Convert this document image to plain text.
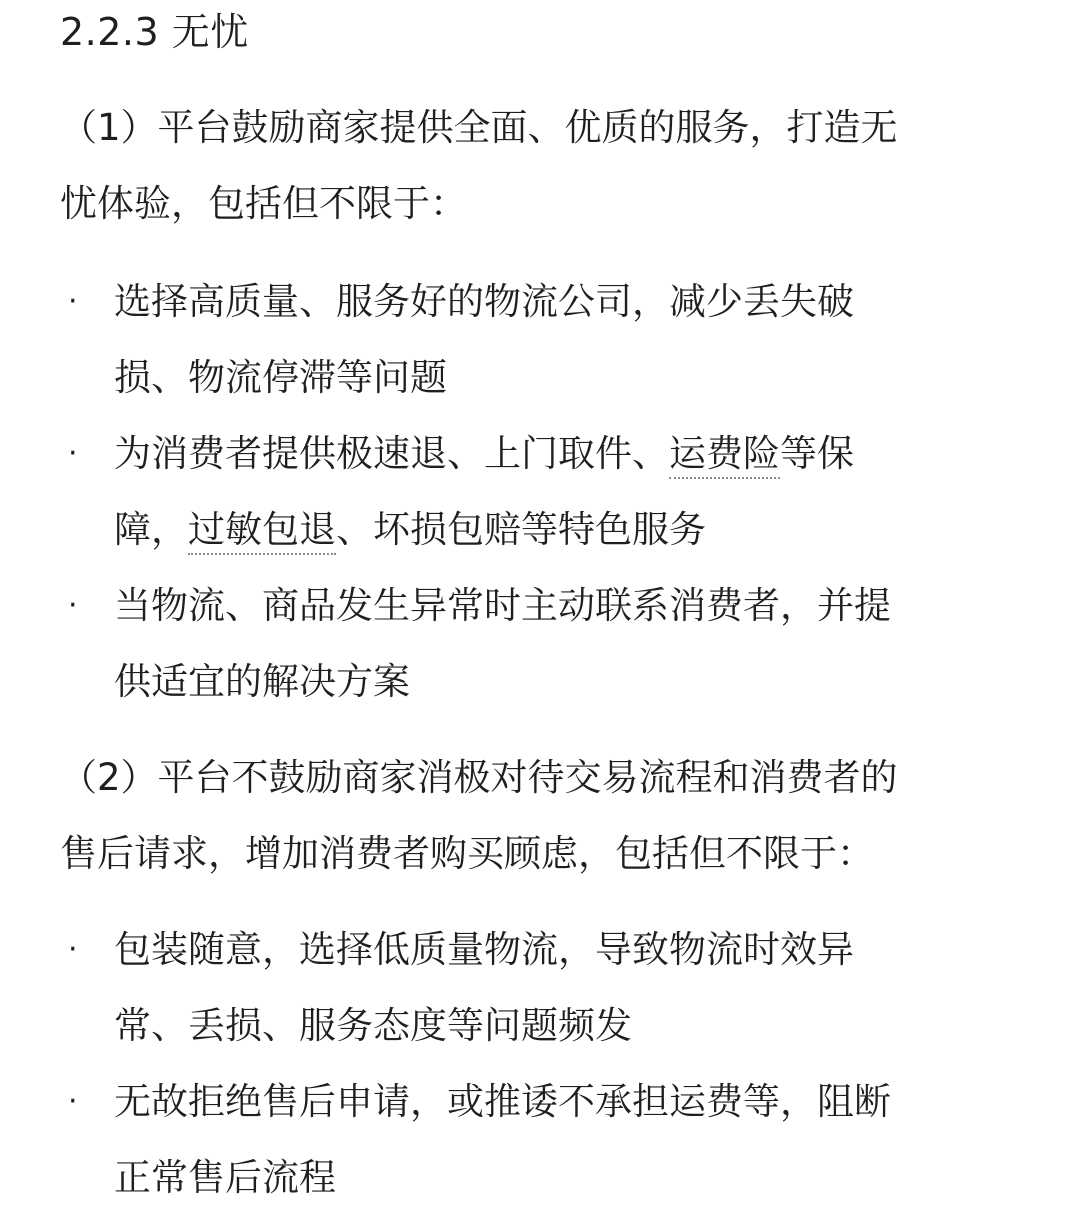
2.2.3 无忧

（1）平台鼓励商家提供全面、优质的服务，打造无
忧体验，包括但不限于：

· 选择高质量、服务好的物流公司，减少丢失破
损、物流停滞等问题
· 为消费者提供极速退、上门取件、运费险等保
障，过敏包退、坏损包赔等特色服务
· 当物流、商品发生异常时主动联系消费者，并提
供适宜的解决方案

（2）平台不鼓励商家消极对待交易流程和消费者的
售后请求，增加消费者购买顾虑，包括但不限于：

· 包装随意，选择低质量物流，导致物流时效异
常、丢损、服务态度等问题频发
· 无故拒绝售后申请，或推诿不承担运费等，阻断
正常售后流程
